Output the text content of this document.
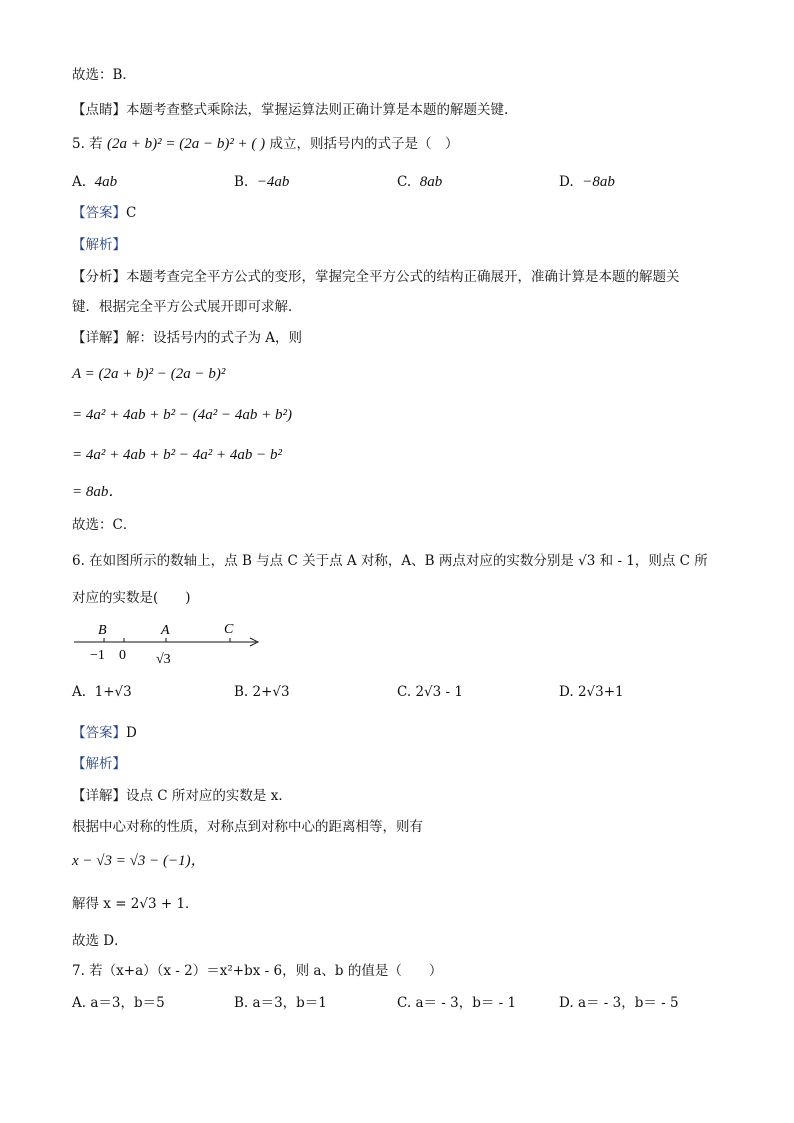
故选：B．
【点睛】本题考查整式乘除法，掌握运算法则正确计算是本题的解题关键.
5. 若 (2a + b)² = (2a − b)² + ( ) 成立，则括号内的式子是（　）
A. 4ab	B. −4ab	C. 8ab	D. −8ab
【答案】C
【解析】
【分析】本题考查完全平方公式的变形，掌握完全平方公式的结构正确展开，准确计算是本题的解题关
键．根据完全平方公式展开即可求解．
【详解】解：设括号内的式子为 A，则
A = (2a + b)² − (2a − b)²
= 4a² + 4ab + b² − (4a² − 4ab + b²)
= 4a² + 4ab + b² − 4a² + 4ab − b²
= 8ab．
故选：C．
6. 在如图所示的数轴上，点 B 与点 C 关于点 A 对称，A、B 两点对应的实数分别是 √3 和 - 1，则点 C 所
对应的实数是(　　)
B	A	C
−1 0 √3
A. 1+√3	B. 2+√3	C. 2√3 - 1	D. 2√3+1
【答案】D
【解析】
【详解】设点 C 所对应的实数是 x．
根据中心对称的性质，对称点到对称中心的距离相等，则有
x − √3 = √3 − (−1)，
解得 x = 2√3 + 1．
故选 D．
7. 若（x+a）（x - 2）＝x²+bx - 6，则 a、b 的值是（　　）
A. a＝3，b＝5	B. a＝3，b＝1	C. a＝ - 3，b＝ - 1	D. a＝ - 3，b＝ - 5
